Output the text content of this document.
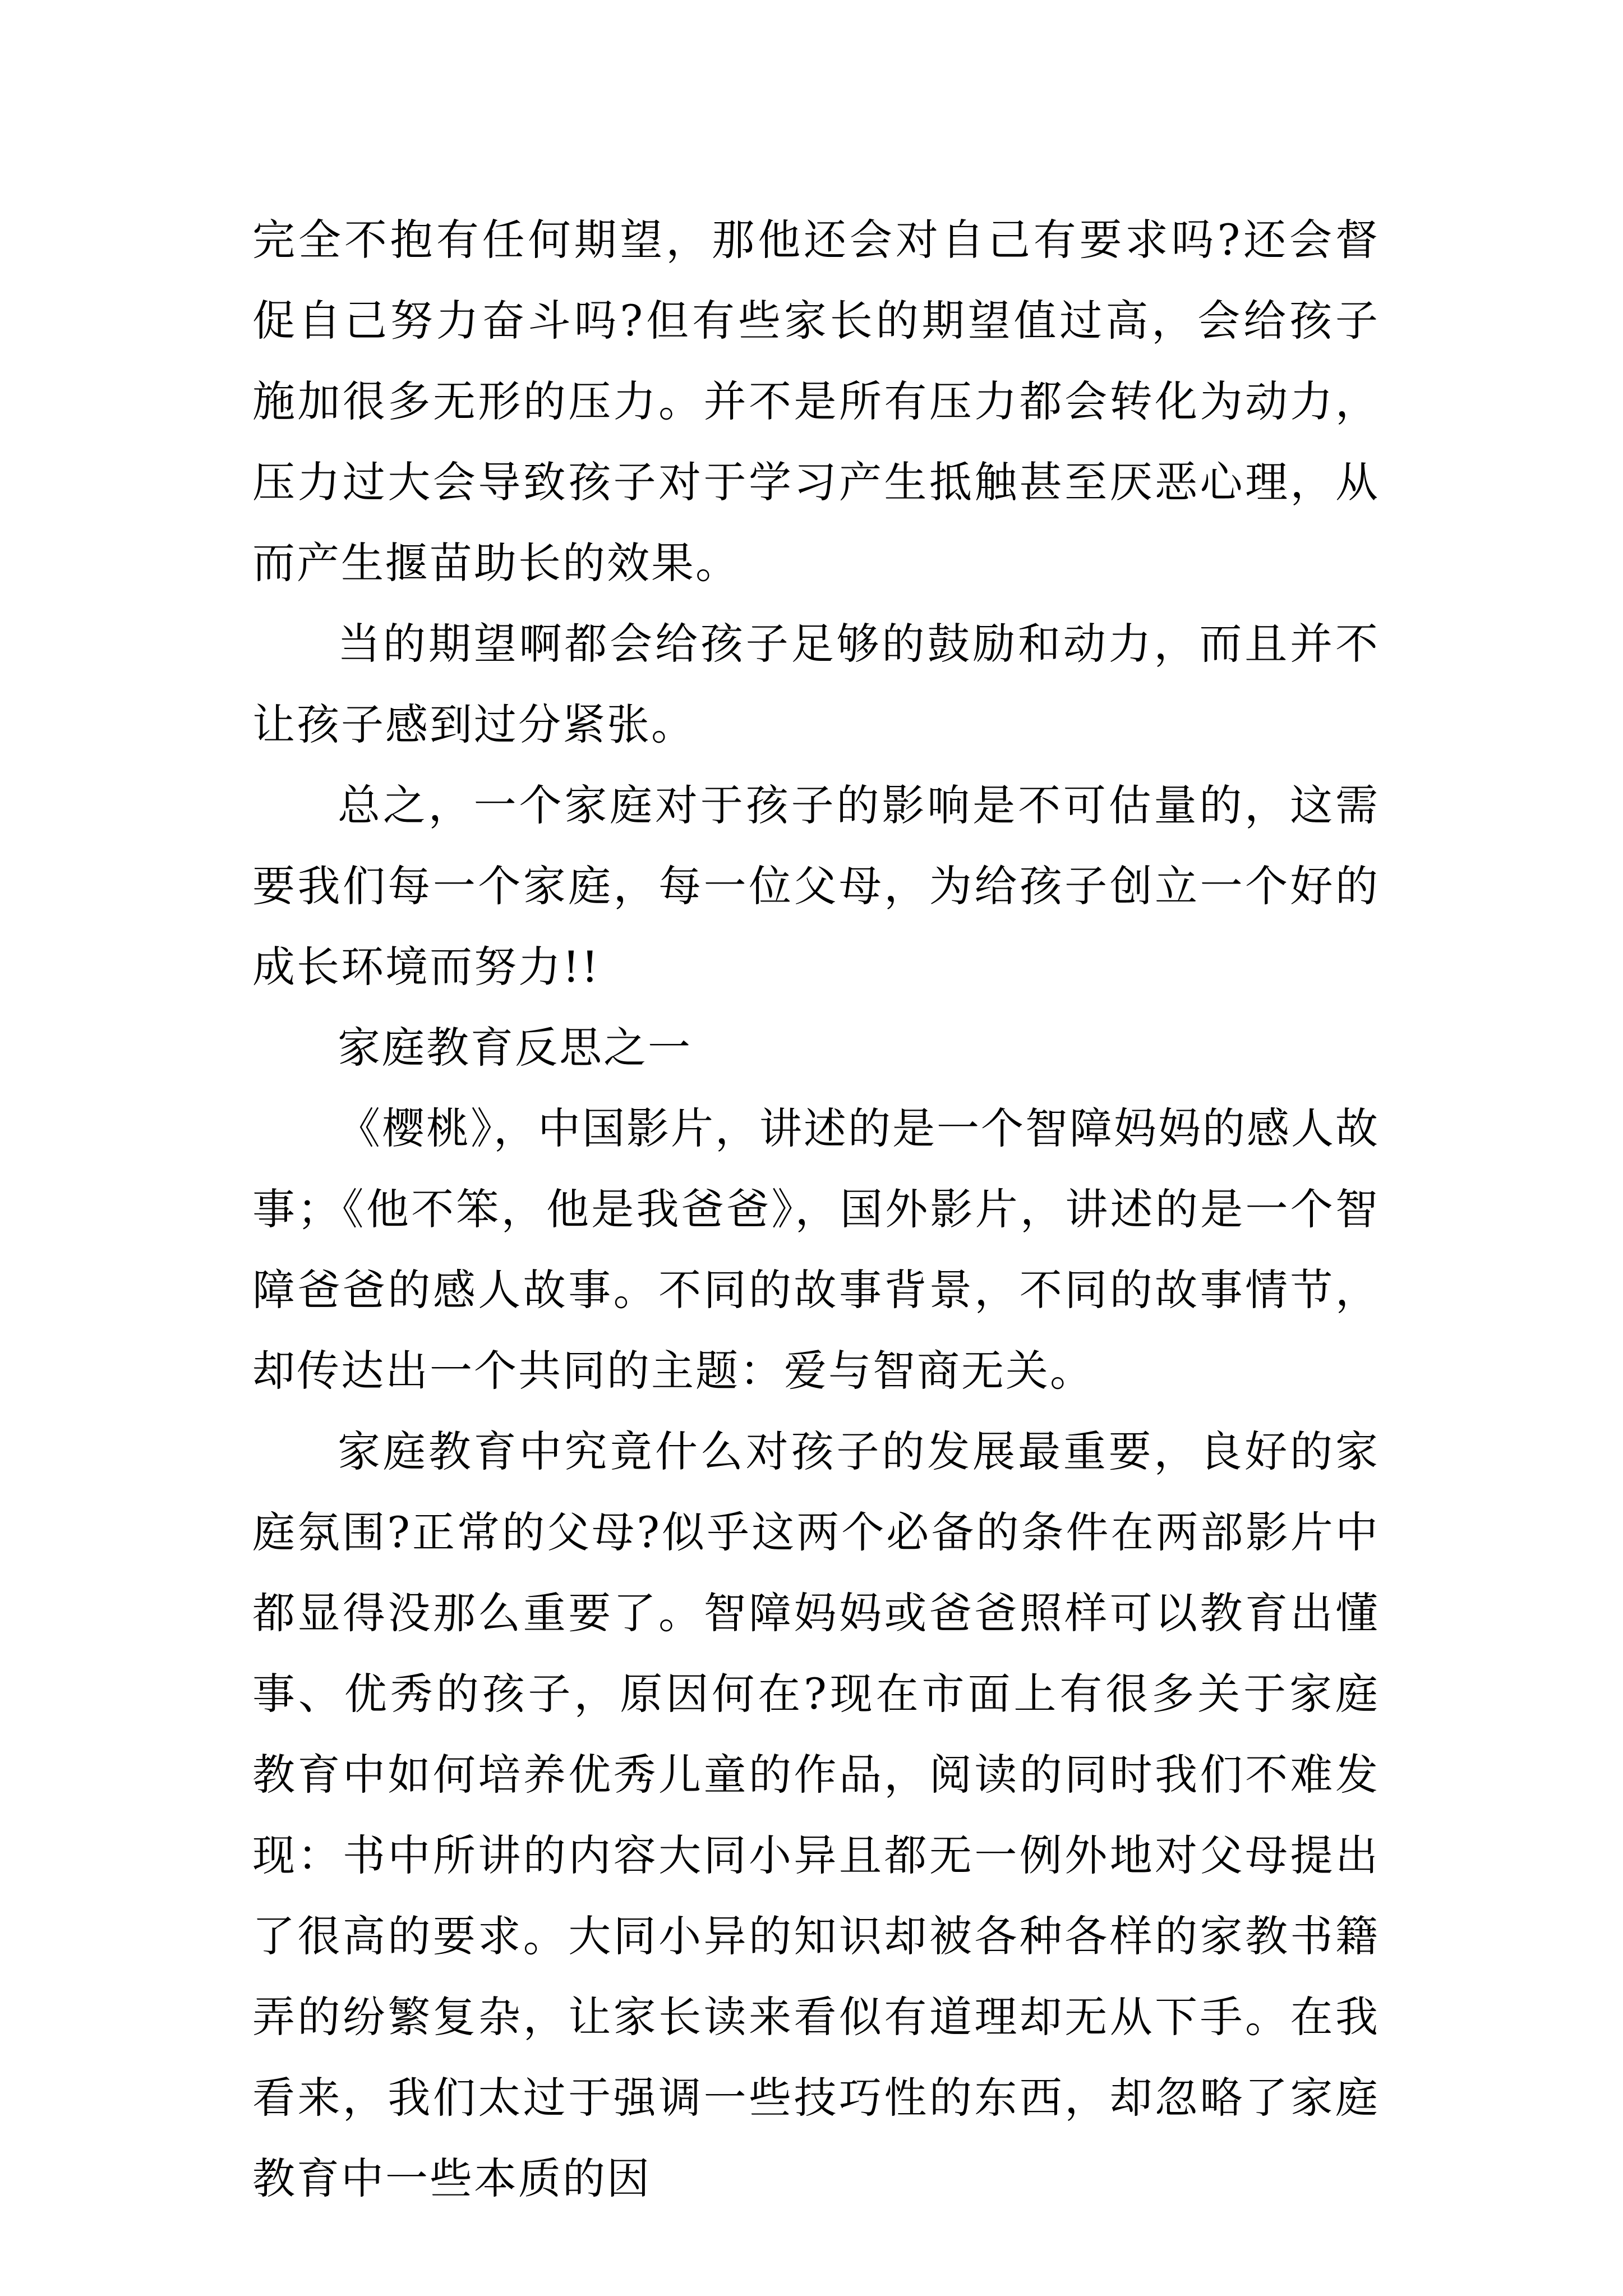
完全不抱有任何期望，那他还会对自己有要求吗?还会督促自己努力奋斗吗?但有些家长的期望值过高，会给孩子施加很多无形的压力。并不是所有压力都会转化为动力，压力过大会导致孩子对于学习产生抵触甚至厌恶心理，从而产生揠苗助长的效果。

当的期望啊都会给孩子足够的鼓励和动力，而且并不让孩子感到过分紧张。

总之，一个家庭对于孩子的影响是不可估量的，这需要我们每一个家庭，每一位父母，为给孩子创立一个好的成长环境而努力!!

家庭教育反思之一

《樱桃》，中国影片，讲述的是一个智障妈妈的感人故事；《他不笨，他是我爸爸》，国外影片，讲述的是一个智障爸爸的感人故事。不同的故事背景，不同的故事情节，却传达出一个共同的主题：爱与智商无关。

家庭教育中究竟什么对孩子的发展最重要，良好的家庭氛围?正常的父母?似乎这两个必备的条件在两部影片中都显得没那么重要了。智障妈妈或爸爸照样可以教育出懂事、优秀的孩子，原因何在?现在市面上有很多关于家庭教育中如何培养优秀儿童的作品，阅读的同时我们不难发现：书中所讲的内容大同小异且都无一例外地对父母提出了很高的要求。大同小异的知识却被各种各样的家教书籍弄的纷繁复杂，让家长读来看似有道理却无从下手。在我看来，我们太过于强调一些技巧性的东西，却忽略了家庭教育中一些本质的因
